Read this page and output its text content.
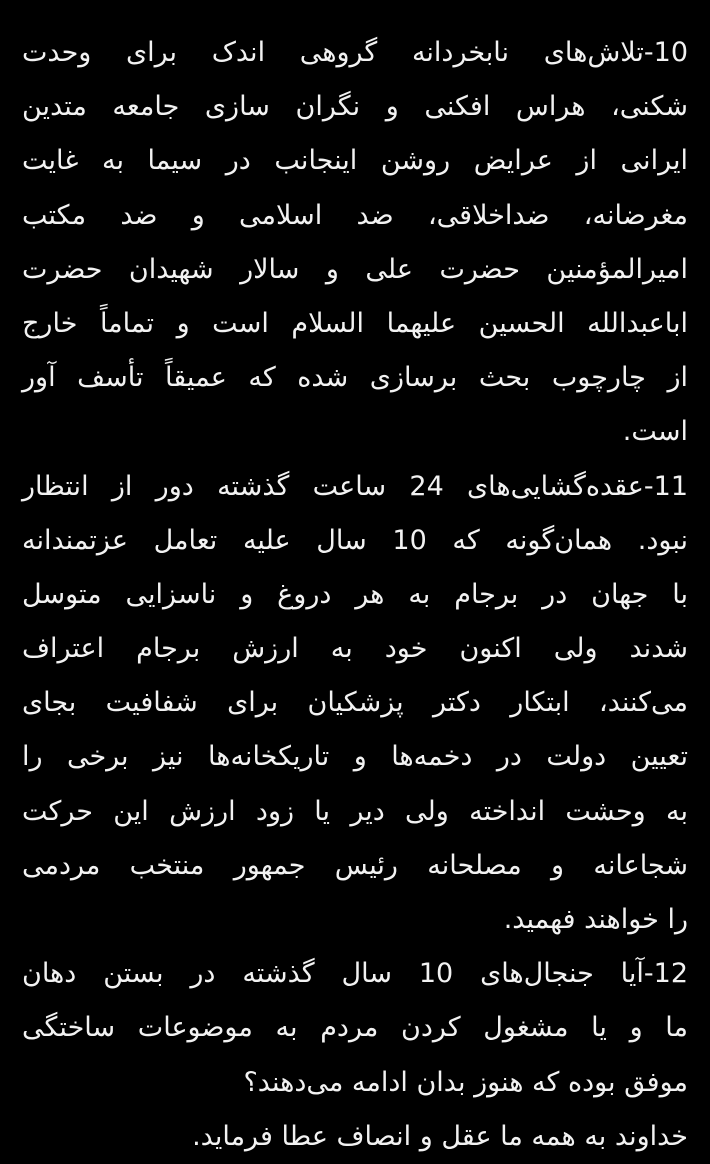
10-تلاش‌های نابخردانه گروهی اندک برای وحدت
شکنی، هراس افکنی و نگران سازی جامعه متدین
ایرانی از عرایض روشن اینجانب در سیما به غایت
مغرضانه، ضداخلاقی، ضد اسلامی و ضد مکتب
امیرالمؤمنین حضرت علی و سالار شهیدان حضرت
اباعبدالله الحسین علیهما السلام است و تماماً خارج
از چارچوب بحث برسازی شده که عمیقاً تأسف آور
است.
11-عقده‌گشایی‌های 24 ساعت گذشته دور از انتظار
نبود. همان‌گونه که 10 سال علیه تعامل عزتمندانه
با جهان در برجام به هر دروغ و ناسزایی متوسل
شدند ولی اکنون خود به ارزش برجام اعتراف
می‌کنند، ابتکار دکتر پزشکیان برای شفافیت بجای
تعیین دولت در دخمه‌ها و تاریکخانه‌ها نیز برخی را
به وحشت انداخته ولی دیر یا زود ارزش این حرکت
شجاعانه و مصلحانه رئیس جمهور منتخب مردمی
را خواهند فهمید.
12-آیا جنجال‌های 10 سال گذشته در بستن دهان
ما و یا مشغول کردن مردم به موضوعات ساختگی
موفق بوده که هنوز بدان ادامه می‌دهند؟
خداوند به همه ما عقل و انصاف عطا فرماید.
